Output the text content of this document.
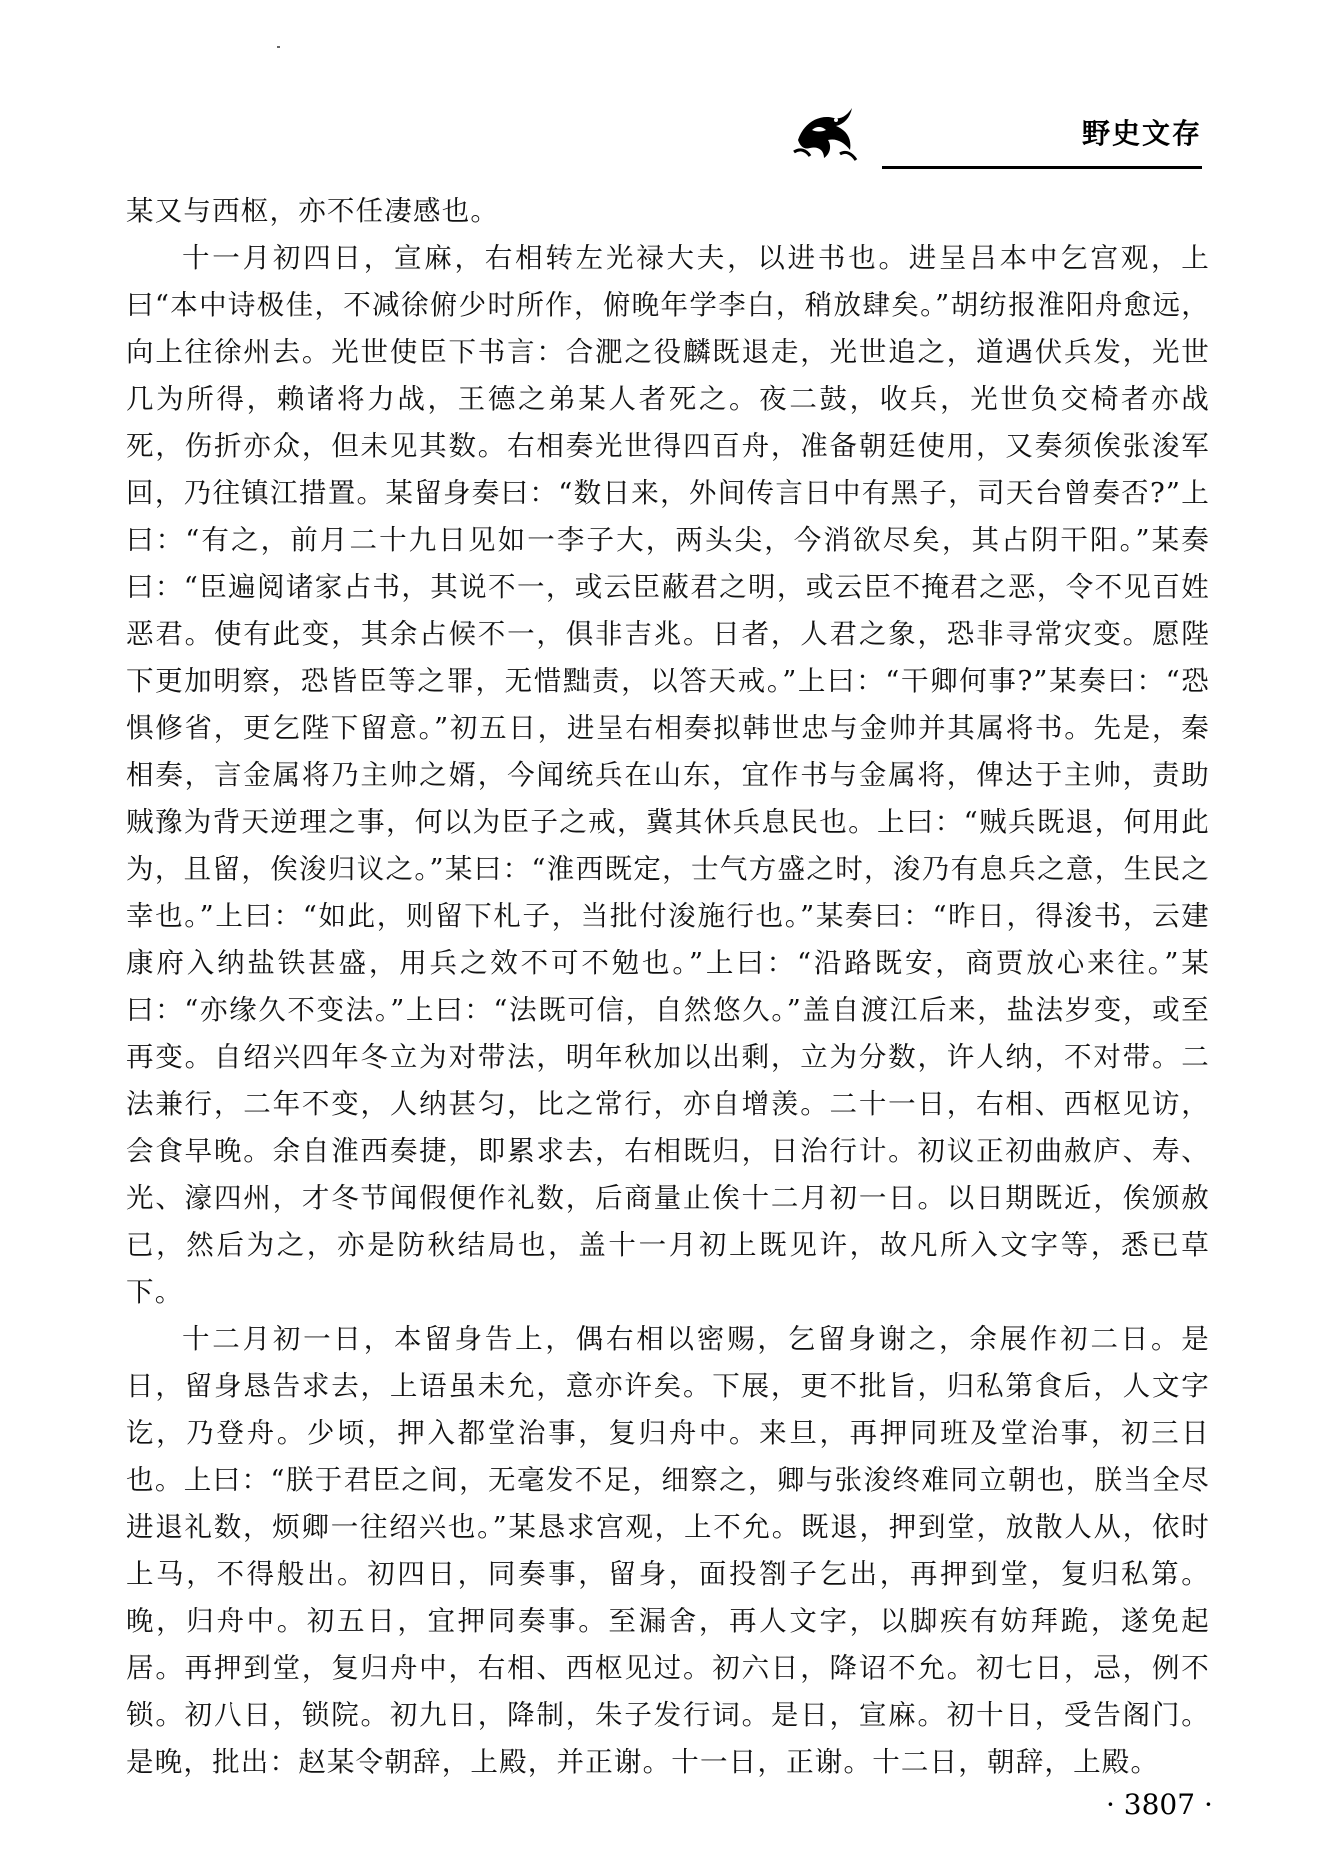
野史文存

某又与西枢，亦不任凄感也。

十一月初四日，宣麻，右相转左光禄大夫，以进书也。进呈吕本中乞宫观，上曰“本中诗极佳，不减徐俯少时所作，俯晚年学李白，稍放肆矣。”胡纺报淮阳舟愈远，向上往徐州去。光世使臣下书言：合淝之役麟既退走，光世追之，道遇伏兵发，光世几为所得，赖诸将力战，王德之弟某人者死之。夜二鼓，收兵，光世负交椅者亦战死，伤折亦众，但未见其数。右相奏光世得四百舟，准备朝廷使用，又奏须俟张浚军回，乃往镇江措置。某留身奏曰：“数日来，外间传言日中有黑子，司天台曾奏否?”上曰：“有之，前月二十九日见如一李子大，两头尖，今消欲尽矣，其占阴干阳。”某奏曰：“臣遍阅诸家占书，其说不一，或云臣蔽君之明，或云臣不掩君之恶，令不见百姓恶君。使有此变，其余占候不一，俱非吉兆。日者，人君之象，恐非寻常灾变。愿陛下更加明察，恐皆臣等之罪，无惜黜责，以答天戒。”上曰：“干卿何事?”某奏曰：“恐惧修省，更乞陛下留意。”初五日，进呈右相奏拟韩世忠与金帅并其属将书。先是，秦相奏，言金属将乃主帅之婿，今闻统兵在山东，宜作书与金属将，俾达于主帅，责助贼豫为背天逆理之事，何以为臣子之戒，冀其休兵息民也。上曰：“贼兵既退，何用此为，且留，俟浚归议之。”某曰：“淮西既定，士气方盛之时，浚乃有息兵之意，生民之幸也。”上曰：“如此，则留下札子，当批付浚施行也。”某奏曰：“昨日，得浚书，云建康府入纳盐铁甚盛，用兵之效不可不勉也。”上曰：“沿路既安，商贾放心来往。”某曰：“亦缘久不变法。”上曰：“法既可信，自然悠久。”盖自渡江后来，盐法岁变，或至再变。自绍兴四年冬立为对带法，明年秋加以出剩，立为分数，许人纳，不对带。二法兼行，二年不变，人纳甚匀，比之常行，亦自增羡。二十一日，右相、西枢见访，会食早晚。余自淮西奏捷，即累求去，右相既归，日治行计。初议正初曲赦庐、寿、光、濠四州，才冬节闻假便作礼数，后商量止俟十二月初一日。以日期既近，俟颁赦已，然后为之，亦是防秋结局也，盖十一月初上既见许，故凡所入文字等，悉已草下。

十二月初一日，本留身告上，偶右相以密赐，乞留身谢之，余展作初二日。是日，留身恳告求去，上语虽未允，意亦许矣。下展，更不批旨，归私第食后，人文字讫，乃登舟。少顷，押入都堂治事，复归舟中。来旦，再押同班及堂治事，初三日也。上曰：“朕于君臣之间，无毫发不足，细察之，卿与张浚终难同立朝也，朕当全尽进退礼数，烦卿一往绍兴也。”某恳求宫观，上不允。既退，押到堂，放散人从，依时上马，不得般出。初四日，同奏事，留身，面投劄子乞出，再押到堂，复归私第。晚，归舟中。初五日，宜押同奏事。至漏舍，再人文字，以脚疾有妨拜跪，遂免起居。再押到堂，复归舟中，右相、西枢见过。初六日，降诏不允。初七日，忌，例不锁。初八日，锁院。初九日，降制，朱子发行词。是日，宣麻。初十日，受告阁门。是晚，批出：赵某令朝辞，上殿，并正谢。十一日，正谢。十二日，朝辞，上殿。

· 3807 ·
